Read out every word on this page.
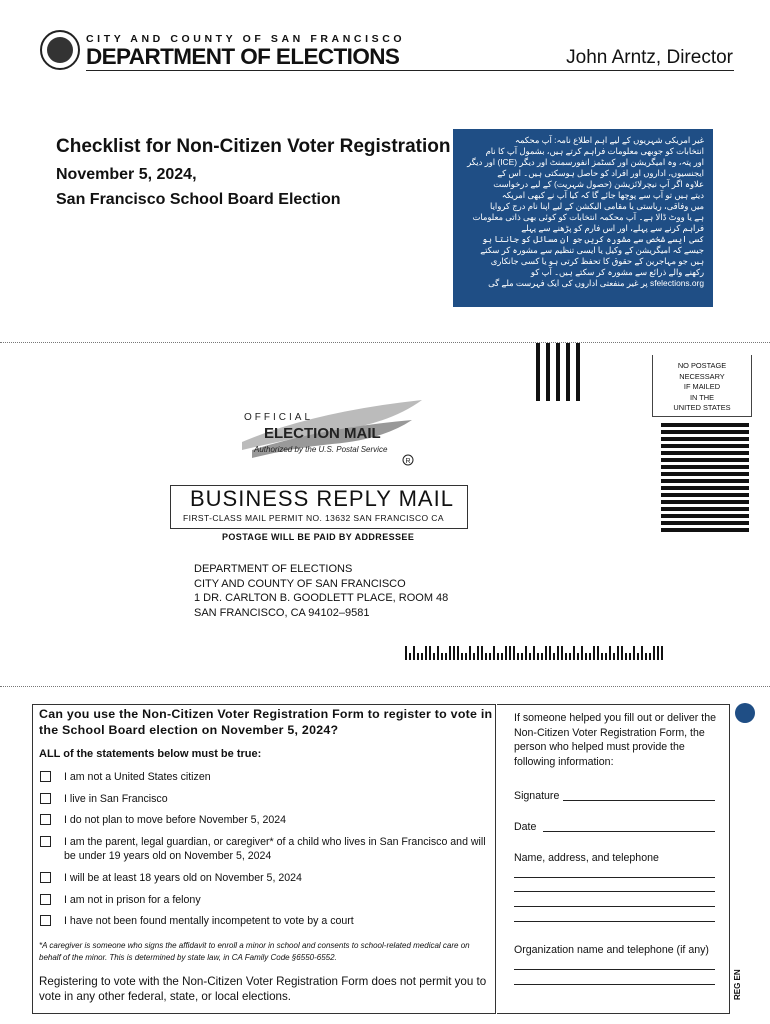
CITY AND COUNTY OF SAN FRANCISCO
DEPARTMENT OF ELECTIONS	John Arntz, Director
Checklist for Non-Citizen Voter Registration
November 5, 2024,
San Francisco School Board Election
غیر امریکی شہریوں کے لیے اہم اطلاع نامہ: آپ محکمہ
انتخابات کو جوبھی معلومات فراہم کرتے ہیں، بشمول آپ کا نام
اور پتہ، وہ امیگریشن اور کسٹمز انفورسمنٹ اور دیگر (ICE) اور دیگر
ایجنسیوں، اداروں اور افراد کو حاصل ہوسکتی ہیں۔ اس کے
علاوہ اگر آپ نیچرلائزیشن (حصول شہریت) کے لیے درخواست
دیتے ہیں تو آپ سے پوچھا جائے گا کہ کیا آپ نے کبھی امریکہ
میں وفاقی، ریاستی یا مقامی الیکشن کے لیے اپنا نام درج کروایا
ہے یا ووٹ ڈالا ہے۔ آپ محکمہ انتخابات کو کوئی بھی ذاتی معلومات
فراہم کرنے سے پہلے، اور اس فارم کو پڑھنے سے پہلے
کسی ایسے شخص سے مشورہ کریں جو ان مسائل کو جانتا ہو
جیسے کہ امیگریشن کے وکیل یا ایسی تنظیم سے مشورہ کر سکتے
ہیں جو مہاجرین کے حقوق کا تحفظ کرتی ہو یا کسی جانکاری
رکھنے والے ذرائع سے مشورہ کر سکتے ہیں۔ آپ کو
sfelections.org پر غیر منفعتی اداروں کی ایک فہرست ملے گی
NO POSTAGE
NECESSARY
IF MAILED
IN THE
UNITED STATES
OFFICIAL
ELECTION MAIL
Authorized by the U.S. Postal Service
R
BUSINESS REPLY MAIL
FIRST-CLASS MAIL PERMIT NO. 13632 SAN FRANCISCO CA
POSTAGE WILL BE PAID BY ADDRESSEE
DEPARTMENT OF ELECTIONS
CITY AND COUNTY OF SAN FRANCISCO
1 DR. CARLTON B. GOODLETT PLACE, ROOM 48
SAN FRANCISCO, CA 94102–9581
Can you use the Non-Citizen Voter Registration Form to register to vote in the School Board election on November 5, 2024?
ALL of the statements below must be true:
I am not a United States citizen
I live in San Francisco
I do not plan to move before November 5, 2024
I am the parent, legal guardian, or caregiver* of a child who lives in San Francisco and will be under 19 years old on November 5, 2024
I will be at least 18 years old on November 5, 2024
I am not in prison for a felony
I have not been found mentally incompetent to vote by a court
*A caregiver is someone who signs the affidavit to enroll a minor in school and consents to school-related medical care on behalf of the minor. This is determined by state law, in CA Family Code §6550-6552.
Registering to vote with the Non-Citizen Voter Registration Form does not permit you to vote in any other federal, state, or local elections.
If someone helped you fill out or deliver the Non-Citizen Voter Registration Form, the person who helped must provide the following information:
Signature
Date
Name, address, and telephone
Organization name and telephone (if any)
REG EN
